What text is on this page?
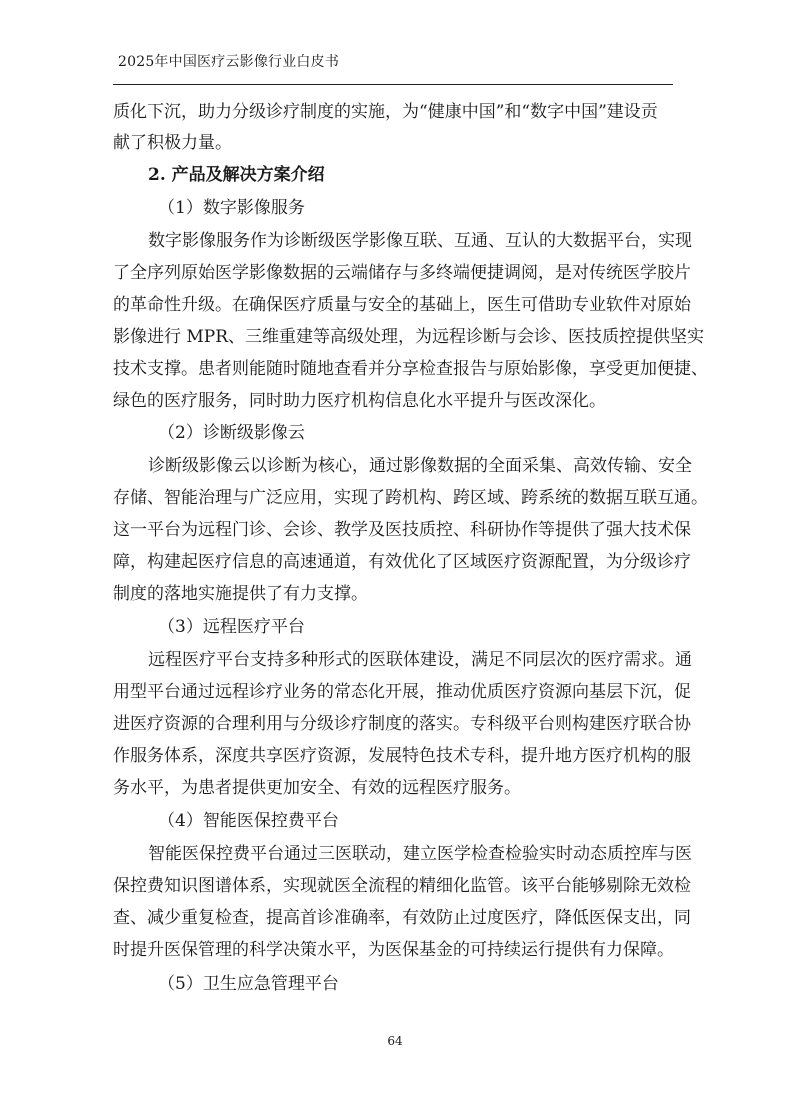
2025年中国医疗云影像行业白皮书
质化下沉，助力分级诊疗制度的实施，为“健康中国”和“数字中国”建设贡
献了积极力量。
2. 产品及解决方案介绍
（1）数字影像服务
数字影像服务作为诊断级医学影像互联、互通、互认的大数据平台，实现
了全序列原始医学影像数据的云端储存与多终端便捷调阅，是对传统医学胶片
的革命性升级。在确保医疗质量与安全的基础上，医生可借助专业软件对原始
影像进行 MPR、三维重建等高级处理，为远程诊断与会诊、医技质控提供坚实
技术支撑。患者则能随时随地查看并分享检查报告与原始影像，享受更加便捷、
绿色的医疗服务，同时助力医疗机构信息化水平提升与医改深化。
（2）诊断级影像云
诊断级影像云以诊断为核心，通过影像数据的全面采集、高效传输、安全
存储、智能治理与广泛应用，实现了跨机构、跨区域、跨系统的数据互联互通。
这一平台为远程门诊、会诊、教学及医技质控、科研协作等提供了强大技术保
障，构建起医疗信息的高速通道，有效优化了区域医疗资源配置，为分级诊疗
制度的落地实施提供了有力支撑。
（3）远程医疗平台
远程医疗平台支持多种形式的医联体建设，满足不同层次的医疗需求。通
用型平台通过远程诊疗业务的常态化开展，推动优质医疗资源向基层下沉，促
进医疗资源的合理利用与分级诊疗制度的落实。专科级平台则构建医疗联合协
作服务体系，深度共享医疗资源，发展特色技术专科，提升地方医疗机构的服
务水平，为患者提供更加安全、有效的远程医疗服务。
（4）智能医保控费平台
智能医保控费平台通过三医联动，建立医学检查检验实时动态质控库与医
保控费知识图谱体系，实现就医全流程的精细化监管。该平台能够剔除无效检
查、减少重复检查，提高首诊准确率，有效防止过度医疗，降低医保支出，同
时提升医保管理的科学决策水平，为医保基金的可持续运行提供有力保障。
（5）卫生应急管理平台
64
